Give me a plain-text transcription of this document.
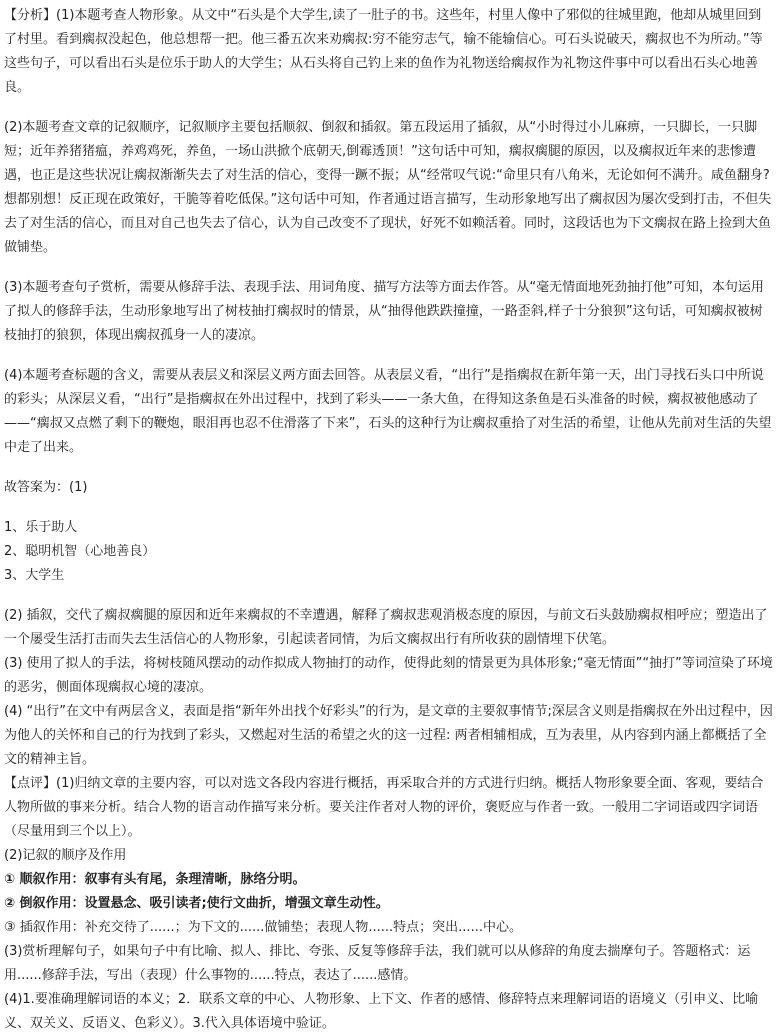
【分析】(1)本题考查人物形象。从文中“石头是个大学生,读了一肚子的书。这些年，村里人像中了邪似的往城里跑，他却从城里回到了村里。看到瘸叔没起色，他总想帮一把。他三番五次来劝瘸叔:穷不能穷志气，输不能输信心。可石头说破天，瘸叔也不为所动。”等这些句子，可以看出石头是位乐于助人的大学生；从石头将自己钓上来的鱼作为礼物送给瘸叔作为礼物这件事中可以看出石头心地善良。

(2)本题考查文章的记叙顺序，记叙顺序主要包括顺叙、倒叙和插叙。第五段运用了插叙，从“小时得过小儿麻痹，一只脚长，一只脚短；近年养猪猪瘟，养鸡鸡死，养鱼，一场山洪掀个底朝天,倒霉透顶！”这句话中可知，瘸叔瘸腿的原因，以及瘸叔近年来的悲惨遭遇，也正是这些状况让瘸叔渐渐失去了对生活的信心，变得一蹶不振；从“经常叹气说:“命里只有八角米，无论如何不满升。咸鱼翻身?想都别想！反正现在政策好，干脆等着吃低保。”这句话中可知，作者通过语言描写，生动形象地写出了瘸叔因为屡次受到打击，不但失去了对生活的信心，而且对自己也失去了信心，认为自己改变不了现状，好死不如赖活着。同时，这段话也为下文瘸叔在路上捡到大鱼做铺垫。

(3)本题考查句子赏析，需要从修辞手法、表现手法、用词角度、描写方法等方面去作答。从“毫无情面地死劲抽打他”可知，本句运用了拟人的修辞手法，生动形象地写出了树枝抽打瘸叔时的情景，从“抽得他跌跌撞撞，一路歪斜,样子十分狼狈”这句话，可知瘸叔被树枝抽打的狼狈，体现出瘸叔孤身一人的凄凉。

(4)本题考查标题的含义，需要从表层义和深层义两方面去回答。从表层义看，“出行”是指瘸叔在新年第一天，出门寻找石头口中所说的彩头；从深层义看，“出行”是指瘸叔在外出过程中，找到了彩头——一条大鱼，在得知这条鱼是石头准备的时候，瘸叔被他感动了——“瘸叔又点燃了剩下的鞭炮，眼泪再也忍不住滑落了下来”，石头的这种行为让瘸叔重拾了对生活的希望，让他从先前对生活的失望中走了出来。

故答案为：(1)

1、乐于助人

2、聪明机智（心地善良）

3、大学生

(2) 插叙，交代了瘸叔瘸腿的原因和近年来瘸叔的不幸遭遇，解释了瘸叔悲观消极态度的原因，与前文石头鼓励瘸叔相呼应；塑造出了一个屡受生活打击而失去生活信心的人物形象，引起读者同情，为后文瘸叔出行有所收获的剧情埋下伏笔。

(3) 使用了拟人的手法，将树枝随风摆动的动作拟成人物抽打的动作，使得此刻的情景更为具体形象;“毫无情面”“抽打”等词渲染了环境的恶劣，侧面体现瘸叔心境的凄凉。

(4) “出行”在文中有两层含义，表面是指“新年外出找个好彩头”的行为，是文章的主要叙事情节;深层含义则是指瘸叔在外出过程中，因为他人的关怀和自己的行为找到了彩头，又燃起对生活的希望之火的这一过程: 两者相辅相成，互为表里，从内容到内涵上都概括了全文的精神主旨。

【点评】(1)归纳文章的主要内容，可以对选文各段内容进行概括，再采取合并的方式进行归纳。概括人物形象要全面、客观，要结合人物所做的事来分析。结合人物的语言动作描写来分析。要关注作者对人物的评价，褒贬应与作者一致。一般用二字词语或四字词语（尽量用到三个以上）。

(2)记叙的顺序及作用

① 顺叙作用：叙事有头有尾，条理清晰，脉络分明。

② 倒叙作用：设置悬念、吸引读者;使行文曲折，增强文章生动性。

③ 插叙作用：补充交待了......；为下文的......做铺垫；表现人物......特点；突出......中心。

(3)赏析理解句子，如果句子中有比喻、拟人、排比、夸张、反复等修辞手法，我们就可以从修辞的角度去揣摩句子。答题格式：运用......修辞手法，写出（表现）什么事物的......特点，表达了......感情。

(4)1.要准确理解词语的本义；2．联系文章的中心、人物形象、上下文、作者的感情、修辞特点来理解词语的语境义（引申义、比喻义、双关义、反语义、色彩义）。3.代入具体语境中验证。
